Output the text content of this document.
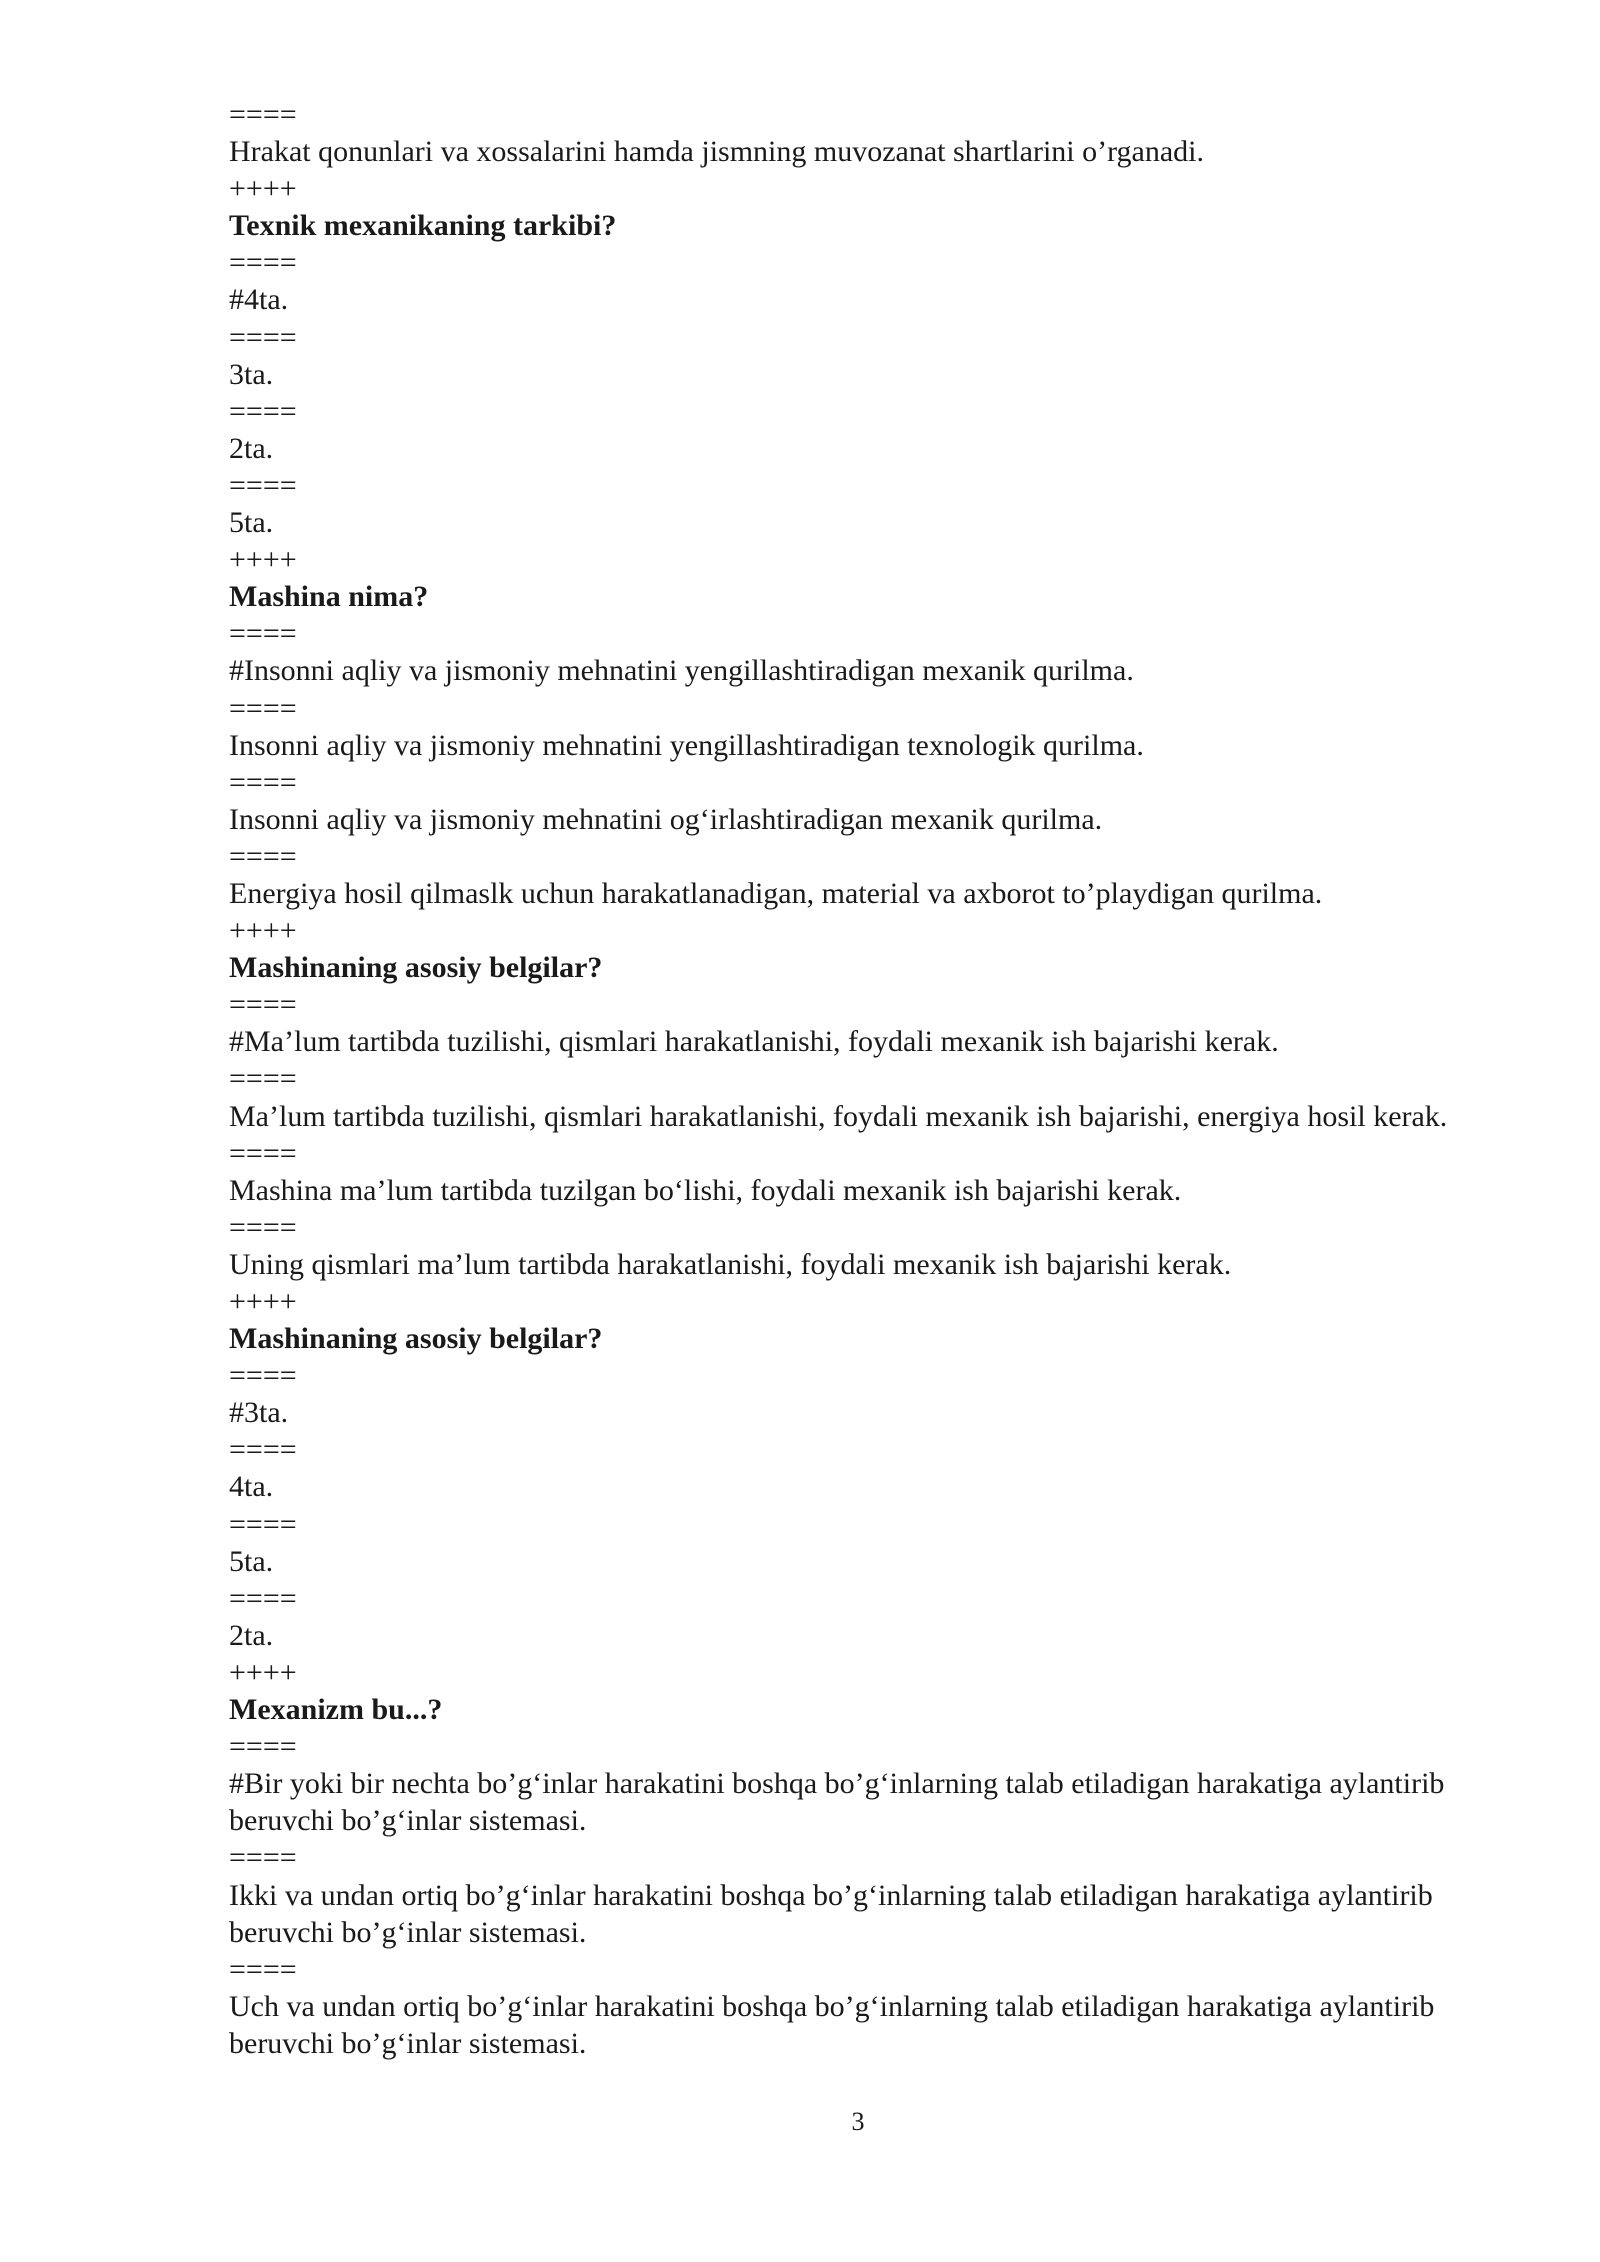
====

Hrakat qonunlari va xossalarini hamda jismning muvozanat shartlarini o’rganadi.

++++

Texnik mexanikaning tarkibi?

====

#4ta.

====

3ta.

====

2ta.

====

5ta.

++++

Mashina nima?

====

#Insonni aqliy va jismoniy mehnatini yengillashtiradigan mexanik qurilma.

====

Insonni aqliy va jismoniy mehnatini yengillashtiradigan texnologik qurilma.

====

Insonni aqliy va jismoniy mehnatini og‘irlashtiradigan mexanik qurilma.

====

Energiya hosil qilmaslk uchun harakatlanadigan, material va axborot to’playdigan qurilma.

++++

Mashinaning asosiy belgilar?

====

#Ma’lum tartibda tuzilishi, qismlari harakatlanishi, foydali mexanik ish bajarishi kerak.

====

Ma’lum tartibda tuzilishi, qismlari harakatlanishi, foydali mexanik ish bajarishi, energiya hosil kerak.

====

Mashina ma’lum tartibda tuzilgan bo‘lishi, foydali mexanik ish bajarishi kerak.

====

Uning qismlari ma’lum tartibda harakatlanishi, foydali mexanik ish bajarishi kerak.

++++

Mashinaning asosiy belgilar?

====

#3ta.

====

4ta.

====

5ta.

====

2ta.

++++

Mexanizm bu...?

====

#Bir yoki bir nechta bo’g‘inlar harakatini boshqa bo’g‘inlarning talab etiladigan harakatiga aylantirib beruvchi bo’g‘inlar sistemasi.

====

Ikki va undan ortiq bo’g‘inlar harakatini boshqa bo’g‘inlarning talab etiladigan harakatiga aylantirib beruvchi bo’g‘inlar sistemasi.

====

Uch va undan ortiq bo’g‘inlar harakatini boshqa bo’g‘inlarning talab etiladigan harakatiga aylantirib beruvchi bo’g‘inlar sistemasi.

3
